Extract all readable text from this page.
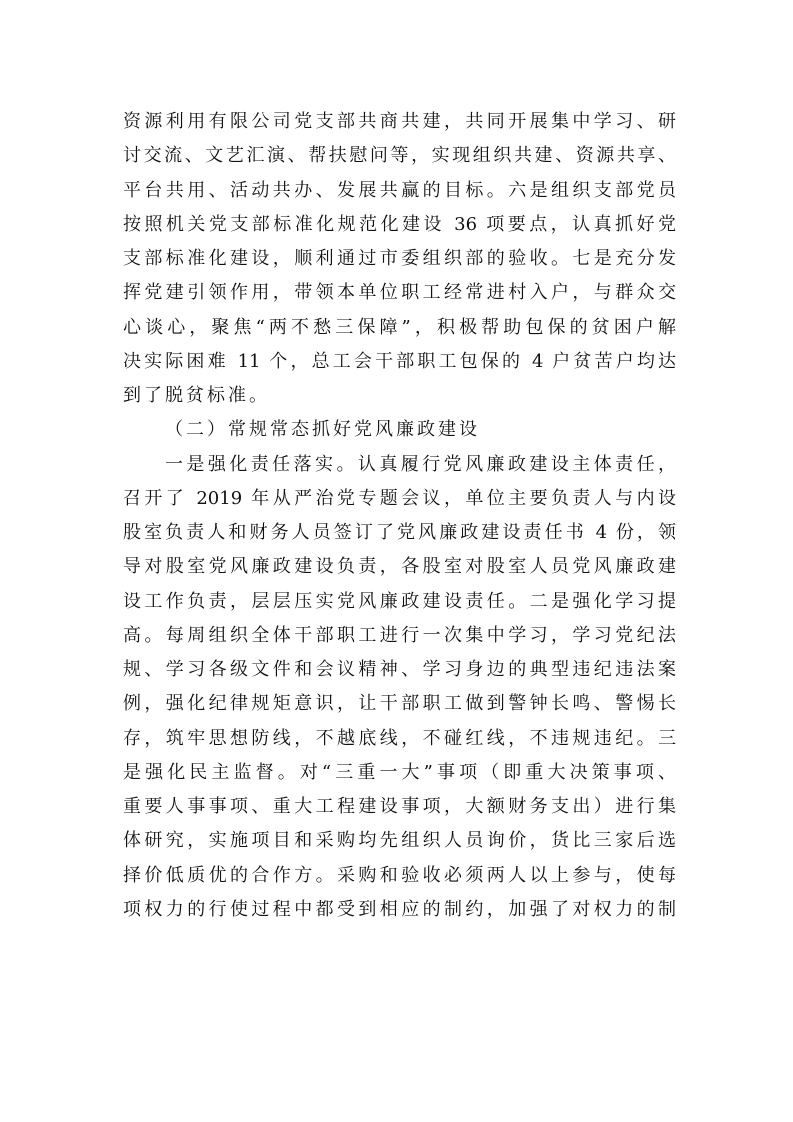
资源利用有限公司党支部共商共建，共同开展集中学习、研
讨交流、文艺汇演、帮扶慰问等，实现组织共建、资源共享、
平台共用、活动共办、发展共赢的目标。六是组织支部党员
按照机关党支部标准化规范化建设 36 项要点，认真抓好党
支部标准化建设，顺利通过市委组织部的验收。七是充分发
挥党建引领作用，带领本单位职工经常进村入户，与群众交
心谈心，聚焦“两不愁三保障”，积极帮助包保的贫困户解
决实际困难 11 个，总工会干部职工包保的 4 户贫苦户均达
到了脱贫标准。
（二）常规常态抓好党风廉政建设
一是强化责任落实。认真履行党风廉政建设主体责任，
召开了 2019 年从严治党专题会议，单位主要负责人与内设
股室负责人和财务人员签订了党风廉政建设责任书 4 份，领
导对股室党风廉政建设负责，各股室对股室人员党风廉政建
设工作负责，层层压实党风廉政建设责任。二是强化学习提
高。每周组织全体干部职工进行一次集中学习，学习党纪法
规、学习各级文件和会议精神、学习身边的典型违纪违法案
例，强化纪律规矩意识，让干部职工做到警钟长鸣、警惕长
存，筑牢思想防线，不越底线，不碰红线，不违规违纪。三
是强化民主监督。对“三重一大”事项（即重大决策事项、
重要人事事项、重大工程建设事项，大额财务支出）进行集
体研究，实施项目和采购均先组织人员询价，货比三家后选
择价低质优的合作方。采购和验收必须两人以上参与，使每
项权力的行使过程中都受到相应的制约，加强了对权力的制
